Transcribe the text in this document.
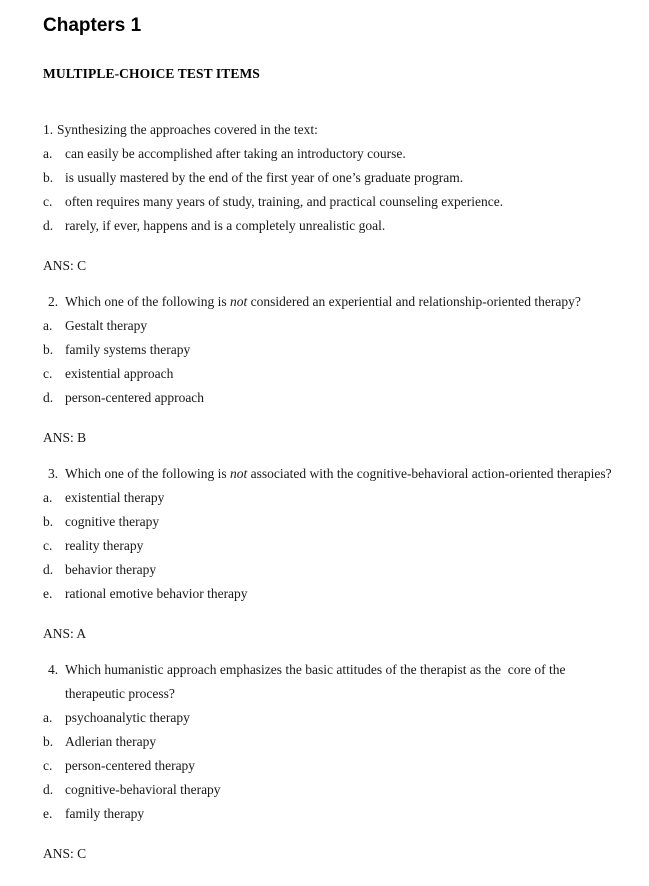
Chapters 1
MULTIPLE-CHOICE TEST ITEMS
1. Synthesizing the approaches covered in the text:
a. can easily be accomplished after taking an introductory course.
b. is usually mastered by the end of the first year of one’s graduate program.
c. often requires many years of study, training, and practical counseling experience.
d. rarely, if ever, happens and is a completely unrealistic goal.
ANS: C
2. Which one of the following is not considered an experiential and relationship-oriented therapy?
a. Gestalt therapy
b. family systems therapy
c. existential approach
d. person-centered approach
ANS: B
3. Which one of the following is not associated with the cognitive-behavioral action-oriented therapies?
a. existential therapy
b. cognitive therapy
c. reality therapy
d. behavior therapy
e. rational emotive behavior therapy
ANS: A
4. Which humanistic approach emphasizes the basic attitudes of the therapist as the  core of the
therapeutic process?
a. psychoanalytic therapy
b. Adlerian therapy
c. person-centered therapy
d. cognitive-behavioral therapy
e. family therapy
ANS: C
